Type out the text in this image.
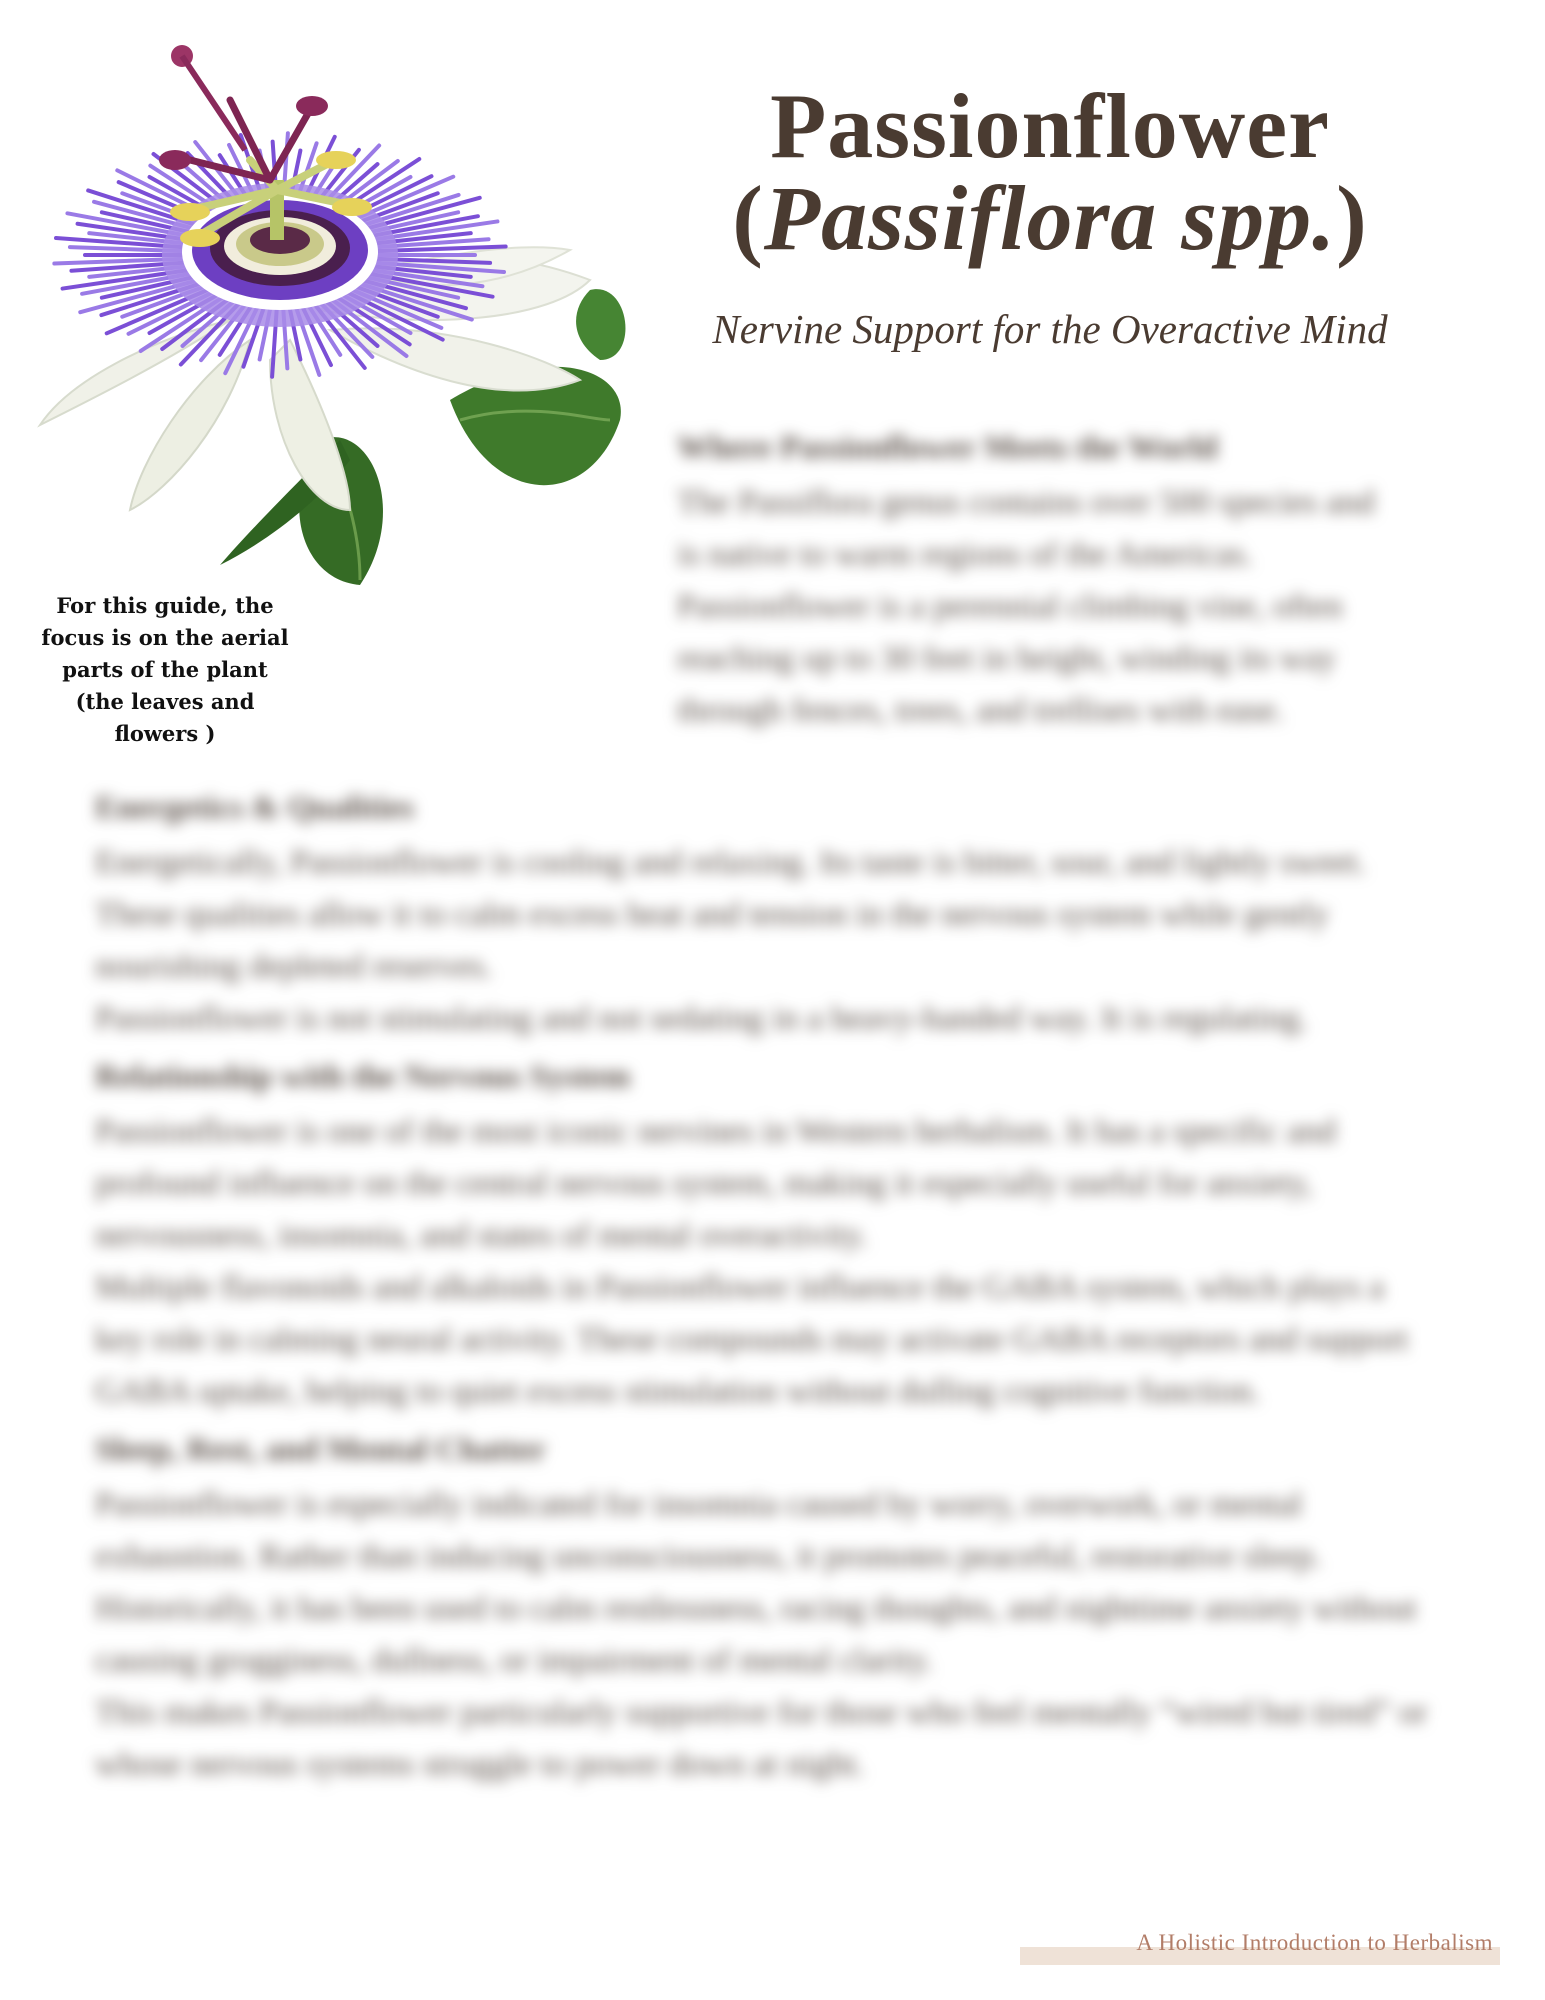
For this guide, the focus is on the aerial parts of the plant (the leaves and flowers )
Passionflower
(Passiflora spp.)
Nervine Support for the Overactive Mind
Where Passionflower Meets the World

The Passiflora genus contains over 500 species and is native to warm regions of the Americas. Passionflower is a perennial climbing vine, often reaching up to 30 feet in height, winding its way through fences, trees, and trellises with ease.

Energetics & Qualities

Energetically, Passionflower is cooling and relaxing. Its taste is bitter, sour, and lightly sweet. These qualities allow it to calm excess heat and tension in the nervous system while gently nourishing depleted reserves.

Passionflower is not stimulating and not sedating in a heavy-handed way. It is regulating.

Relationship with the Nervous System

Passionflower is one of the most iconic nervines in Western herbalism. It has a specific and profound influence on the central nervous system, making it especially useful for anxiety, nervousness, insomnia, and states of mental overactivity.

Multiple flavonoids and alkaloids in Passionflower influence the GABA system, which plays a key role in calming neural activity. These compounds may activate GABA receptors and support GABA uptake, helping to quiet excess stimulation without dulling cognitive function.

Sleep, Rest, and Mental Chatter

Passionflower is especially indicated for insomnia caused by worry, overwork, or mental exhaustion. Rather than inducing unconsciousness, it promotes peaceful, restorative sleep. Historically, it has been used to calm restlessness, racing thoughts, and nighttime anxiety without causing grogginess, dullness, or impairment of mental clarity.

This makes Passionflower particularly supportive for those who feel mentally “wired but tired” or whose nervous systems struggle to power down at night.

A Holistic Introduction to Herbalism
